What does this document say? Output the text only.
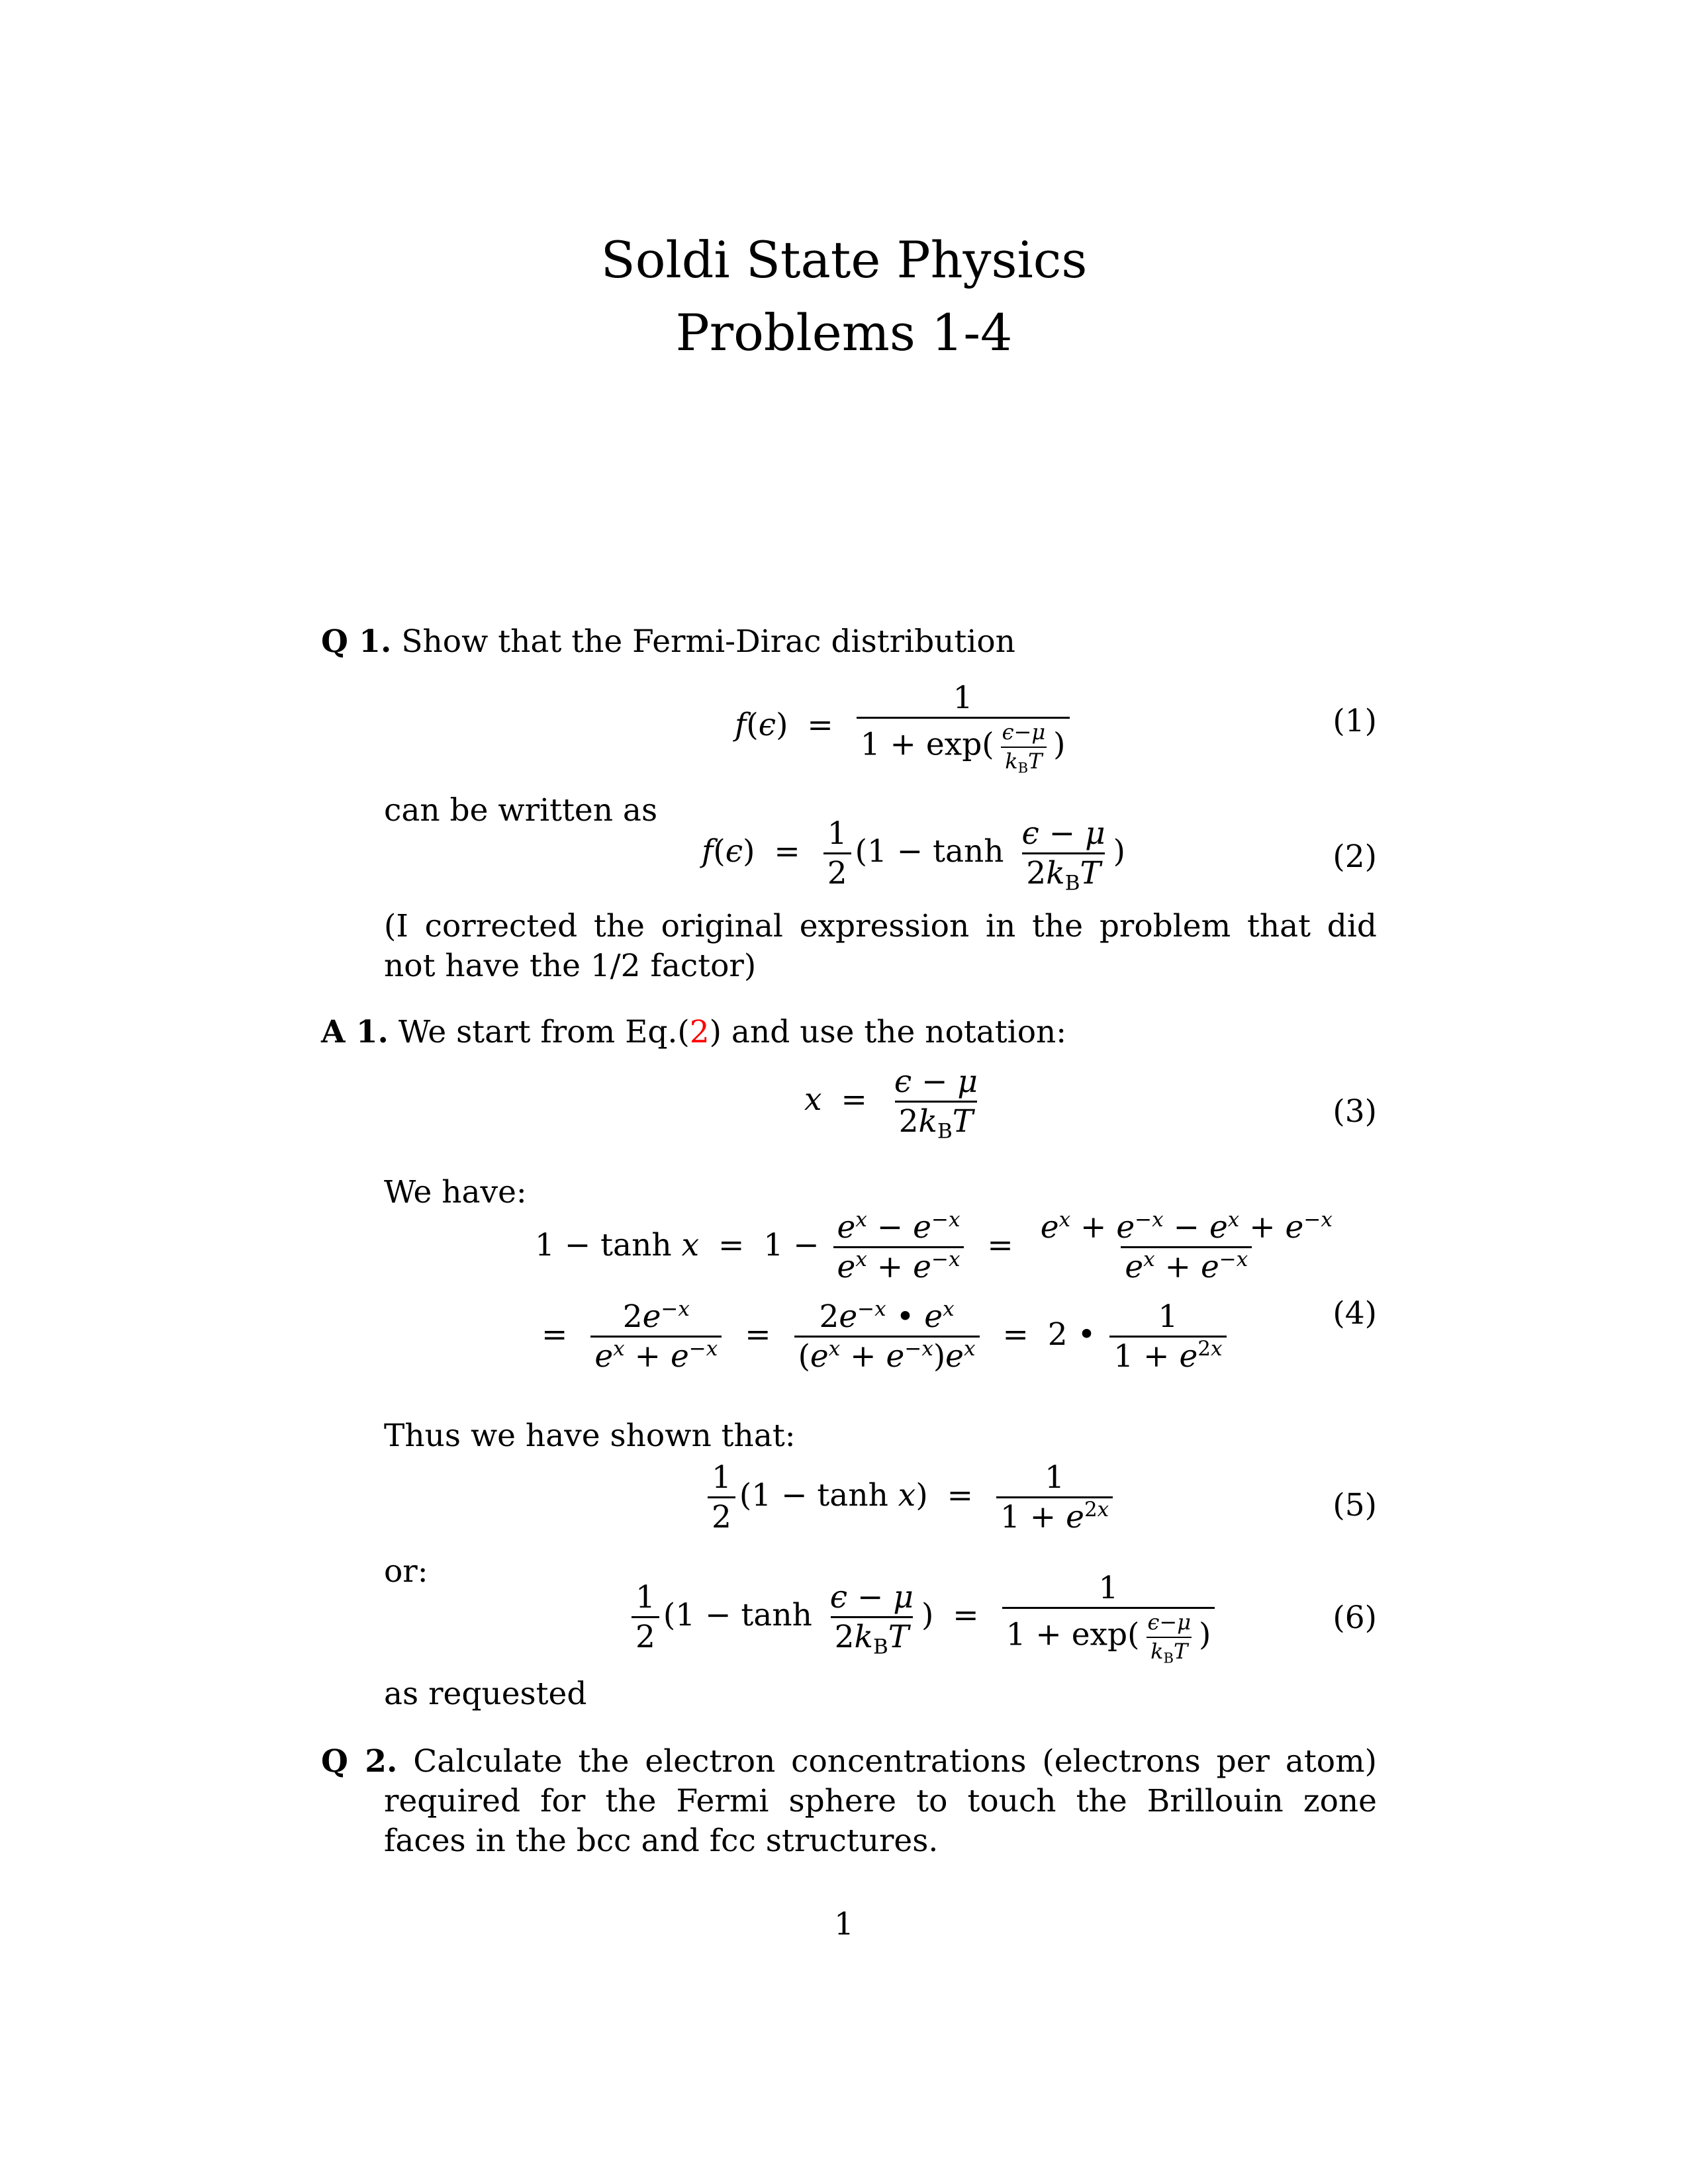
Soldi State Physics
Problems 1-4
Q 1. Show that the Fermi-Dirac distribution
$f(\epsilon) = \frac{1}{1 + \exp( \frac{\epsilon-\mu}{k_BT} )}$	(1)
can be written as
$f(\epsilon) = \frac{1}{2} (1 - \tanh \frac{\epsilon - \mu}{2k_BT}$ )	(2)
(I corrected the original expression in the problem that did not have the 1/2 factor)
A 1. We start from Eq.(2) and use the notation:
$x = \frac{\epsilon - \mu}{2k_BT}$	(3)
We have:
$1 - \tanh x = 1 - \frac{e^x - e^{-x}}{e^x + e^{-x}} = \frac{e^x + e^{-x} - e^x + e^{-x}}{e^x + e^{-x}}$
= $\frac{2e^{-x}}{e^x + e^{-x}} = \frac{2e^{-x} • e^x}{(e^x + e^{-x})e^x} = 2$ • $\frac{1}{1 + e^{2x}}$	(4)
Thus we have shown that:
$\frac{1}{2} (1 - \tanh x) = \frac{1}{1 + e^{2x}}$	(5)
or:
$\frac{1}{2} (1 - \tanh \frac{\epsilon - \mu}{2k_BT}$ ) = $\frac{1}{1 + \exp( \frac{\epsilon-\mu}{k_BT} )}$	(6)
as requested
Q 2. Calculate the electron concentrations (electrons per atom) required for the Fermi sphere to touch the Brillouin zone faces in the bcc and fcc structures.
1
